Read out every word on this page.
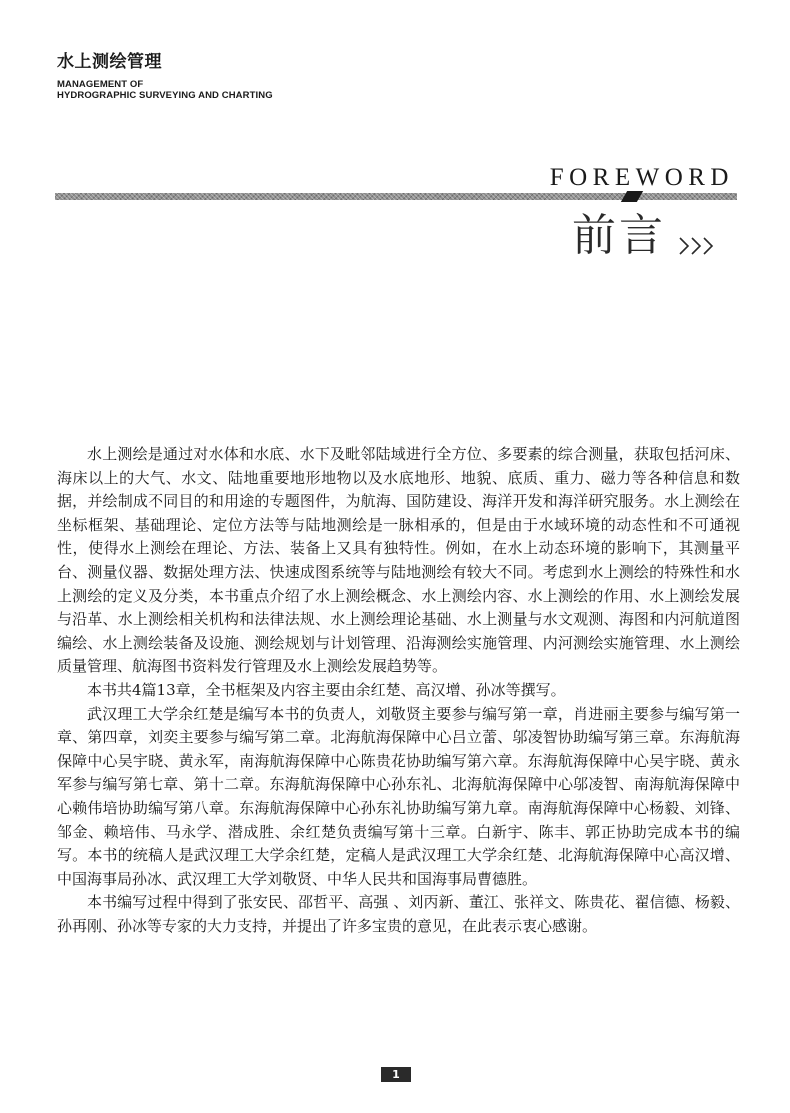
水上测绘管理
MANAGEMENT OF
HYDROGRAPHIC SURVEYING AND CHARTING
FOREWORD
前言

水上测绘是通过对水体和水底、水下及毗邻陆域进行全方位、多要素的综合测量，获取包括河床、海床以上的大气、水文、陆地重要地形地物以及水底地形、地貌、底质、重力、磁力等各种信息和数据，并绘制成不同目的和用途的专题图件，为航海、国防建设、海洋开发和海洋研究服务。水上测绘在坐标框架、基础理论、定位方法等与陆地测绘是一脉相承的，但是由于水域环境的动态性和不可通视性，使得水上测绘在理论、方法、装备上又具有独特性。例如，在水上动态环境的影响下，其测量平台、测量仪器、数据处理方法、快速成图系统等与陆地测绘有较大不同。考虑到水上测绘的特殊性和水上测绘的定义及分类，本书重点介绍了水上测绘概念、水上测绘内容、水上测绘的作用、水上测绘发展与沿革、水上测绘相关机构和法律法规、水上测绘理论基础、水上测量与水文观测、海图和内河航道图编绘、水上测绘装备及设施、测绘规划与计划管理、沿海测绘实施管理、内河测绘实施管理、水上测绘质量管理、航海图书资料发行管理及水上测绘发展趋势等。

本书共4篇13章，全书框架及内容主要由余红楚、高汉增、孙冰等撰写。

武汉理工大学余红楚是编写本书的负责人，刘敬贤主要参与编写第一章，肖进丽主要参与编写第一章、第四章，刘奕主要参与编写第二章。北海航海保障中心吕立蕾、邬凌智协助编写第三章。东海航海保障中心吴宇晓、黄永军，南海航海保障中心陈贵花协助编写第六章。东海航海保障中心吴宇晓、黄永军参与编写第七章、第十二章。东海航海保障中心孙东礼、北海航海保障中心邬凌智、南海航海保障中心赖伟培协助编写第八章。东海航海保障中心孙东礼协助编写第九章。南海航海保障中心杨毅、刘锋、邹金、赖培伟、马永学、潜成胜、余红楚负责编写第十三章。白新宇、陈丰、郭正协助完成本书的编写。本书的统稿人是武汉理工大学余红楚，定稿人是武汉理工大学余红楚、北海航海保障中心高汉增、中国海事局孙冰、武汉理工大学刘敬贤、中华人民共和国海事局曹德胜。

本书编写过程中得到了张安民、邵哲平、高强 、刘丙新、董江、张祥文、陈贵花、翟信德、杨毅、孙再刚、孙冰等专家的大力支持，并提出了许多宝贵的意见，在此表示衷心感谢。

1
